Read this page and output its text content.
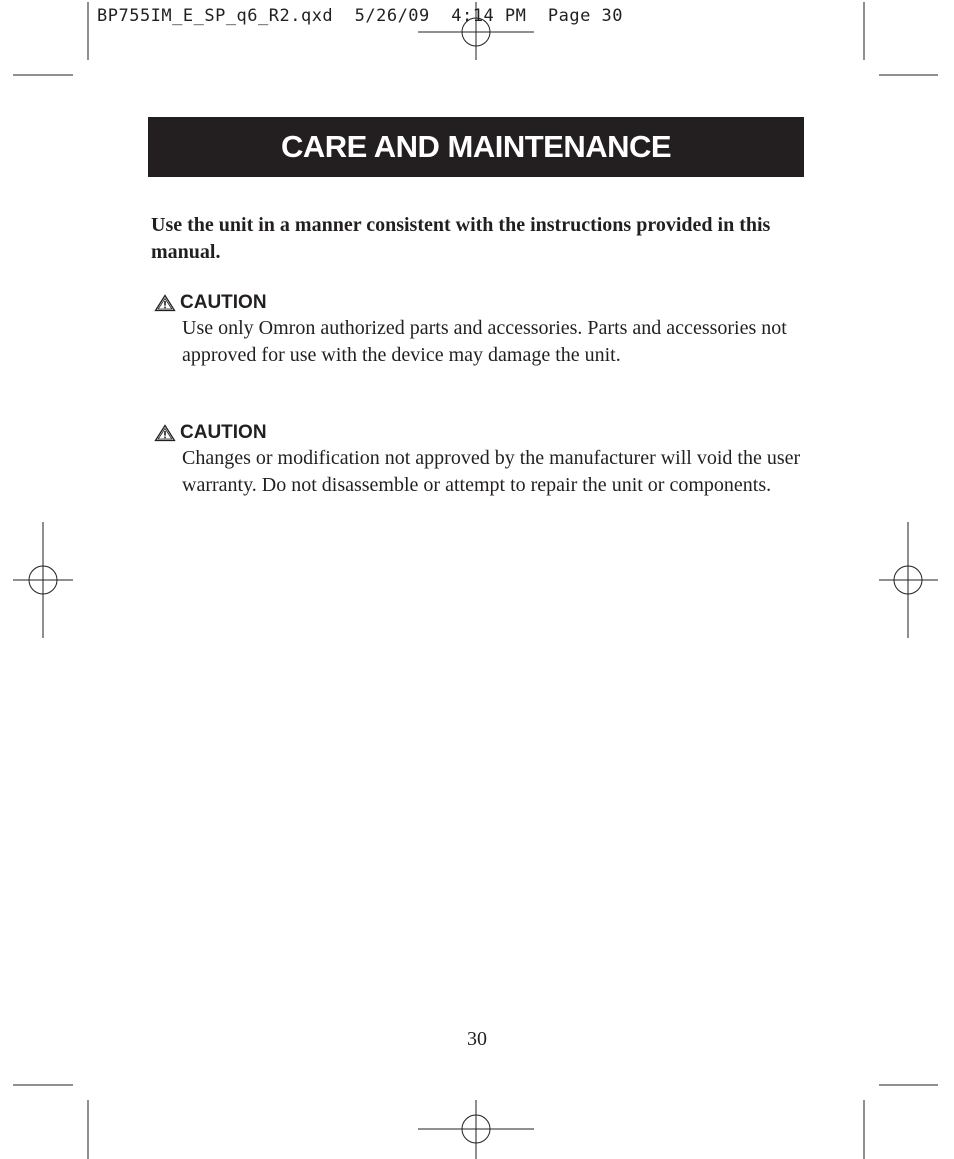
BP755IM_E_SP_q6_R2.qxd  5/26/09  4:14 PM  Page 30
CARE AND MAINTENANCE
Use the unit in a manner consistent with the instructions provided in this manual.
CAUTION
Use only Omron authorized parts and accessories. Parts and accessories not approved for use with the device may damage the unit.
CAUTION
Changes or modification not approved by the manufacturer will void the user warranty. Do not disassemble or attempt to repair the unit or components.
30
